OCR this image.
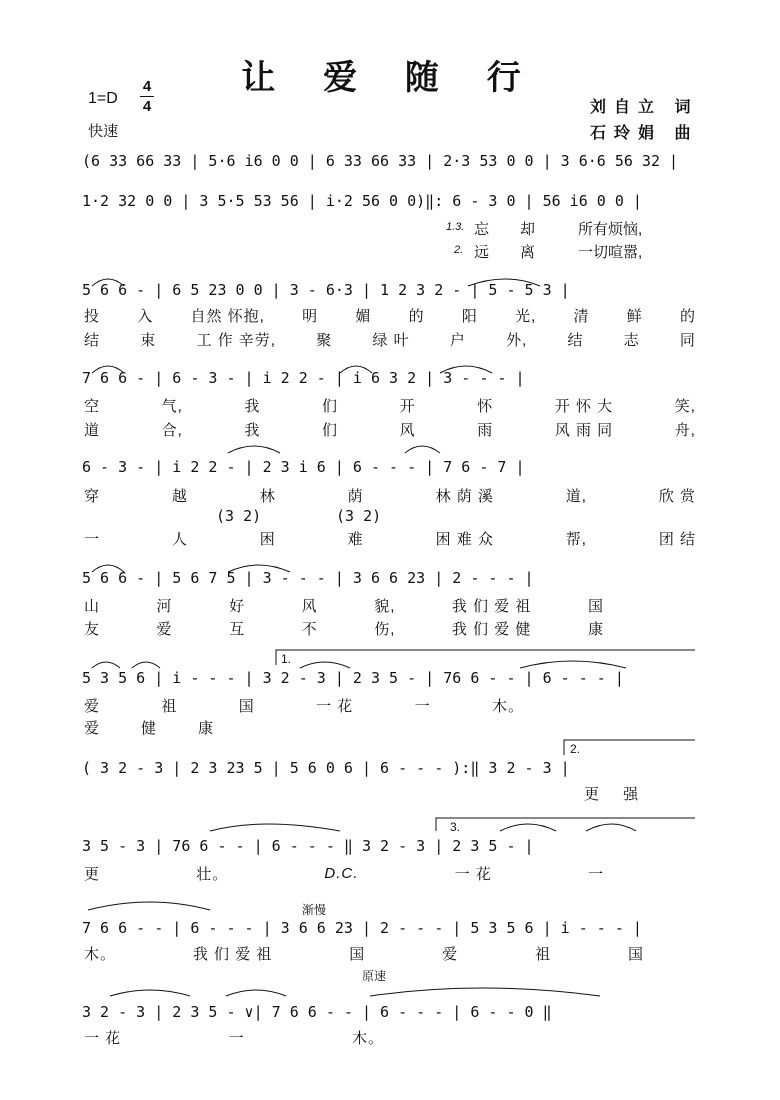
让 爱 随 行
1=D
4
4
快速
刘自立 词
石玲娟 曲
(6 33 66 33 | 5·6 i6 0 0 | 6 33 66 33 | 2·3 53 0 0 | 3 6·6 56 32 |
1·2 32 0 0 | 3 5·5 53 56 | i·2 56 0 0)‖: 6 - 3 0 | 56 i6 0 0 |
1.3. 忘 却	所有烦恼,
2. 远 离	一切喧嚣,
5 6 6 - | 6 5 23 0 0 | 3 - 6·3 | 1 2 3 2 - | 5 - 5 3 |
投 入 自然 怀抱, 明 媚 的 阳 光, 清 鲜 的
结	束	工 作 辛劳,	聚	绿 叶	户	外,	结	志	同
7 6 6 - | 6 - 3 - | i 2 2 - | i 6 3 2 | 3 - - - |
空	气,	我	们	开	怀	开 怀 大	笑,
道	合,	我	们	风	雨	风 雨 同	舟,
6 - 3 - | i 2 2 - | 2 3 i 6 | 6 - - - | 7 6 - 7 |
穿	越	林	荫	林 荫 溪	道,	欣 赏
(3 2)	(3 2)
一	人	困	难	困 难 众	帮,	团 结
5 6 6 - | 5 6 7 5 | 3 - - - | 3 6 6 23 | 2 - - - |
山	河	好	风	貌,	我 们 爱 祖	国
友	爱	互	不	伤,	我 们 爱 健	康
1.
5 3 5 6 | i - - - | 3 2 - 3 | 2 3 5 - | 76 6 - - | 6 - - - |
爱	祖	国	一 花	一	木。
爱	健	康
2.
( 3 2 - 3 | 2 3 23 5 | 5 6 0 6 | 6 - - - ):‖ 3 2 - 3 |
更 强
3.
3 5 - 3 | 76 6 - - | 6 - - - ‖ 3 2 - 3 | 2 3 5 - |
更	壮。	D.C.	一 花	一
渐慢
7 6 6 - - | 6 - - - | 3 6 6 23 | 2 - - - | 5 3 5 6 | i - - - |
木。	我 们 爱 祖	国	爱	祖	国
原速
3 2 - 3 | 2 3 5 - ∨| 7 6 6 - - | 6 - - - | 6 - - 0 ‖
一 花	一	木。
